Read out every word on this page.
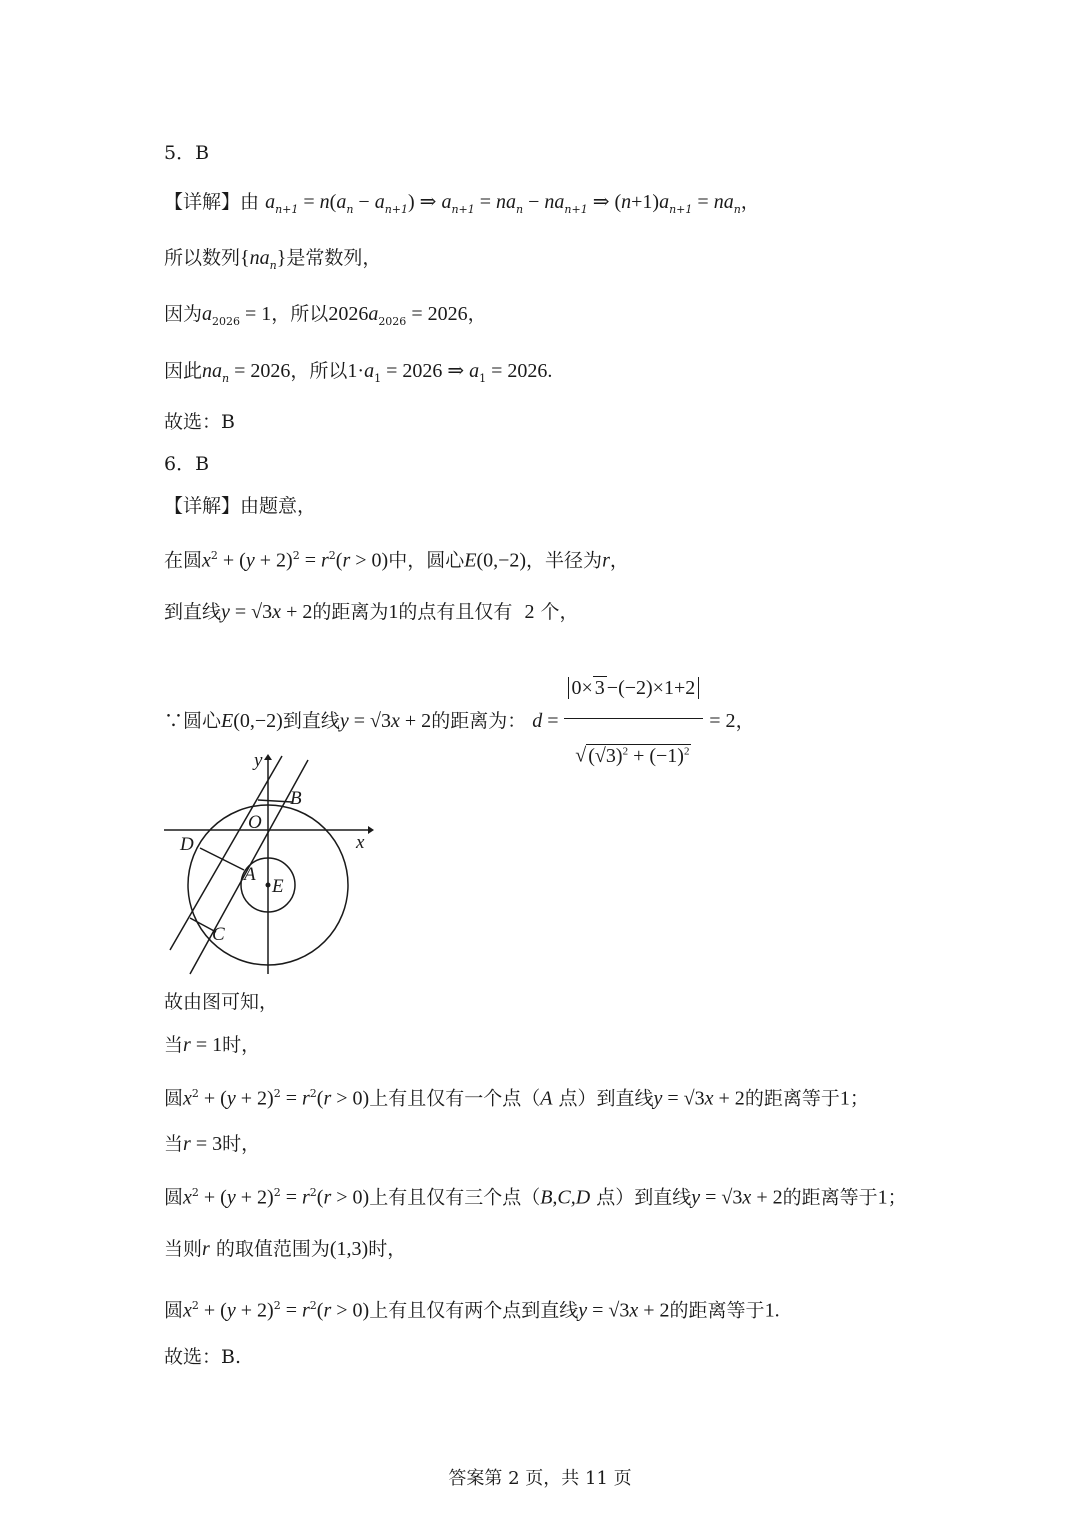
5．B
【详解】由 $a_{n+1} = n(a_n - a_{n+1})$ ⇒ $a_{n+1} = na_n - na_{n+1}$ ⇒ $(n+1)a_{n+1} = na_n$，
所以数列$\{na_n\}$是常数列，
因为$a_{2026} = 1$，所以$2026a_{2026} = 2026$，
因此$na_n = 2026$，所以$1\cdot a_1 = 2026$ ⇒ $a_1 = 2026$.
故选：B
6．B
【详解】由题意，
在圆$x^2 + (y + 2)^2 = r^2(r > 0)$中，圆心E(0,−2)，半径为r，
到直线y = √3x + 2的距离为1的点有且仅有  2 个，
∵圆心E(0,−2)到直线y = √3x + 2的距离为： $d = \frac{0\times 3 -(-2)\times 1+2}{√ (√3)^2 + (-1)^2} = 2$，
y
x
O
B
D
A
E
C
故由图可知，
当r = 1时，
圆$x^2 + (y + 2)^2 = r^2(r > 0)$上有且仅有一个点（A 点）到直线y = √3x + 2的距离等于1；
当r = 3时，
圆$x^2 + (y + 2)^2 = r^2(r > 0)$上有且仅有三个点（B,C,D 点）到直线y = √3x + 2的距离等于1；
当则r 的取值范围为(1,3)时，
圆$x^2 + (y + 2)^2 = r^2(r > 0)$上有且仅有两个点到直线y = √3x + 2的距离等于1.
故选：B.
答案第 2 页，共 11 页
